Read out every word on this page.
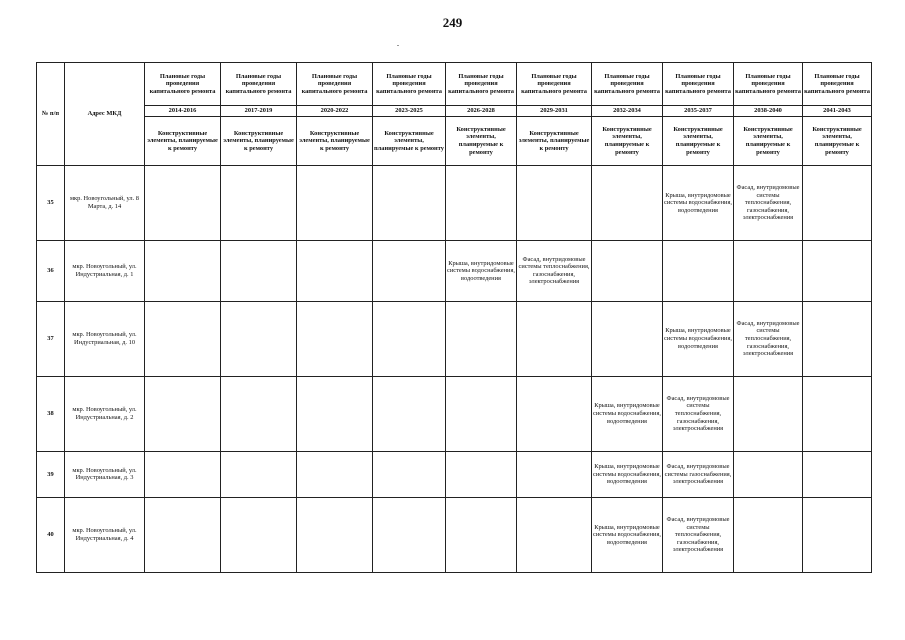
249
№ п/п	Адрес МКД	Плановые годы проведения капитального ремонта	Плановые годы проведения капитального ремонта	Плановые годы проведения капитального ремонта	Плановые годы проведения капитального ремонта	Плановые годы проведения капитального ремонта	Плановые годы проведения капитального ремонта	Плановые годы проведения капитального ремонта	Плановые годы проведения капитального ремонта	Плановые годы проведения капитального ремонта	Плановые годы проведения капитального ремонта
		2014-2016	2017-2019	2020-2022	2023-2025	2026-2028	2029-2031	2032-2034	2035-2037	2038-2040	2041-2043
		Конструктивные элементы, планируемые к ремонту	Конструктивные элементы, планируемые к ремонту	Конструктивные элементы, планируемые к ремонту	Конструктивные элементы, планируемые к ремонту	Конструктивные элементы, планируемые к ремонту	Конструктивные элементы, планируемые к ремонту	Конструктивные элементы, планируемые к ремонту	Конструктивные элементы, планируемые к ремонту	Конструктивные элементы, планируемые к ремонту	Конструктивные элементы, планируемые к ремонту
35	мкр. Новоугольный, ул. 8 Марта, д. 14								Крыша, внутридомовые системы водоснабжения, водоотведения	Фасад, внутридомовые системы теплоснабжения, газоснабжения, электроснабжения	
36	мкр. Новоугольный, ул. Индустриальная, д. 1					Крыша, внутридомовые системы водоснабжения, водоотведения	Фасад, внутридомовые системы теплоснабжения, газоснабжения, электроснабжения				
37	мкр. Новоугольный, ул. Индустриальная, д. 10								Крыша, внутридомовые системы водоснабжения, водоотведения	Фасад, внутридомовые системы теплоснабжения, газоснабжения, электроснабжения	
38	мкр. Новоугольный, ул. Индустриальная, д. 2							Крыша, внутридомовые системы водоснабжения, водоотведения	Фасад, внутридомовые системы теплоснабжения, газоснабжения, электроснабжения		
39	мкр. Новоугольный, ул. Индустриальная, д. 3							Крыша, внутридомовые системы водоснабжения, водоотведения	Фасад, внутридомовые системы газоснабжения, электроснабжения		
40	мкр. Новоугольный, ул. Индустриальная, д. 4							Крыша, внутридомовые системы водоснабжения, водоотведения	Фасад, внутридомовые системы теплоснабжения, газоснабжения, электроснабжения		
